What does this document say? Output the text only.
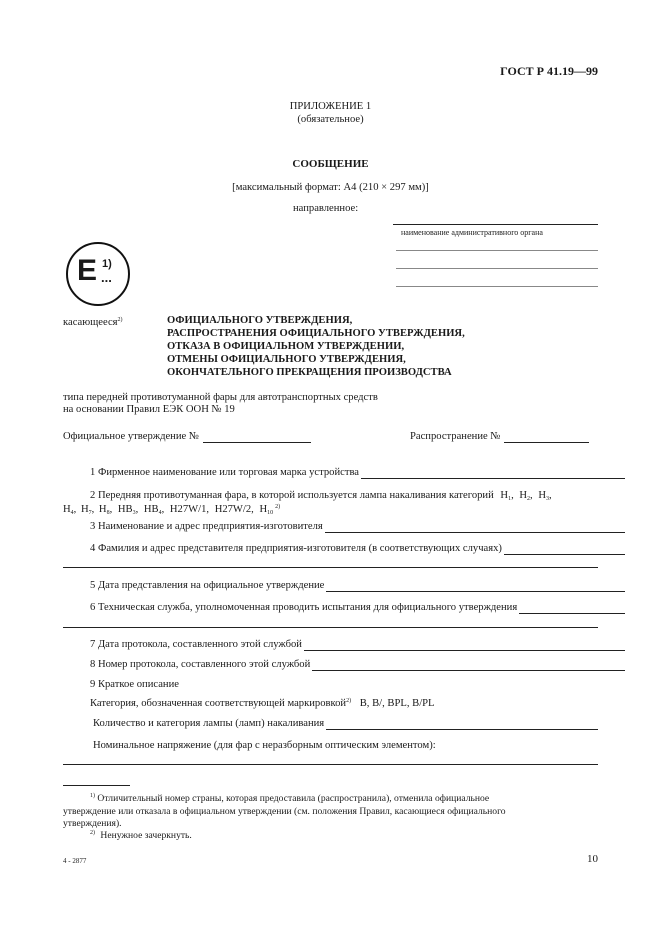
ГОСТ Р 41.19—99
ПРИЛОЖЕНИЕ 1
(обязательное)
СООБЩЕНИЕ
[максимальный формат: А4 (210 × 297 мм)]
направленное:
наименование административного органа
E 1)
...
касающееся$^{2)}$	ОФИЦИАЛЬНОГО УТВЕРЖДЕНИЯ,
РАСПРОСТРАНЕНИЯ ОФИЦИАЛЬНОГО УТВЕРЖДЕНИЯ,
ОТКАЗА В ОФИЦИАЛЬНОМ УТВЕРЖДЕНИИ,
ОТМЕНЫ ОФИЦИАЛЬНОГО УТВЕРЖДЕНИЯ,
ОКОНЧАТЕЛЬНОГО ПРЕКРАЩЕНИЯ ПРОИЗВОДСТВА
типа передней противотуманной фары для автотранспортных средств
на основании Правил ЕЭК ООН № 19
Официальное утверждение №	Распространение №
1 Фирменное наименование или торговая марка устройства
2 Передняя противотуманная фара, в которой используется лампа накаливания категорий $H_1$, $H_2$, $H_3$,
$H_4$, $H_7$, $H_8$, $HB_3$, $HB_4$, H27W/1, H27W/2, $H_{10}^{2)}$
3 Наименование и адрес предприятия-изготовителя
4 Фамилия и адрес представителя предприятия-изготовителя (в соответствующих случаях)
5 Дата представления на официальное утверждение
6 Техническая служба, уполномоченная проводить испытания для официального утверждения
7 Дата протокола, составленного этой службой
8 Номер протокола, составленного этой службой
9 Краткое описание
Категория, обозначенная соответствующей маркировкой$^{2)}$ B, B/, BPL, B/PL
Количество и категория лампы (ламп) накаливания
Номинальное напряжение (для фар с неразборным оптическим элементом):
$^{1)}$ Отличительный номер страны, которая предоставила (распространила), отменила официальное
утверждение или отказала в официальном утверждении (см. положения Правил, касающиеся официального
утверждения).
$^{2)}$ Ненужное зачеркнуть.
4 - 2877	10
